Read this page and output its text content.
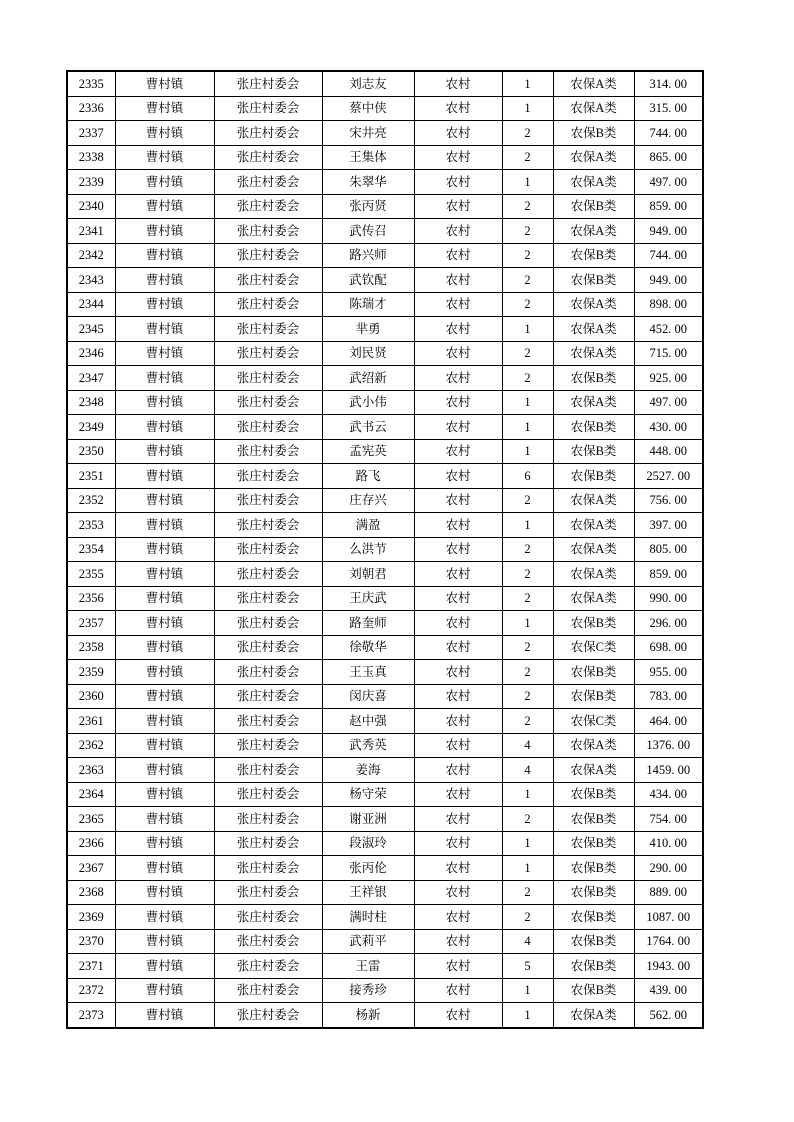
2335	曹村镇	张庄村委会	刘志友	农村	1	农保A类	314. 00
2336	曹村镇	张庄村委会	蔡中侠	农村	1	农保A类	315. 00
2337	曹村镇	张庄村委会	宋井亮	农村	2	农保B类	744. 00
2338	曹村镇	张庄村委会	王集体	农村	2	农保A类	865. 00
2339	曹村镇	张庄村委会	朱翠华	农村	1	农保A类	497. 00
2340	曹村镇	张庄村委会	张丙贤	农村	2	农保B类	859. 00
2341	曹村镇	张庄村委会	武传召	农村	2	农保A类	949. 00
2342	曹村镇	张庄村委会	路兴师	农村	2	农保B类	744. 00
2343	曹村镇	张庄村委会	武钦配	农村	2	农保B类	949. 00
2344	曹村镇	张庄村委会	陈瑞才	农村	2	农保A类	898. 00
2345	曹村镇	张庄村委会	芈勇	农村	1	农保A类	452. 00
2346	曹村镇	张庄村委会	刘民贤	农村	2	农保A类	715. 00
2347	曹村镇	张庄村委会	武绍新	农村	2	农保B类	925. 00
2348	曹村镇	张庄村委会	武小伟	农村	1	农保A类	497. 00
2349	曹村镇	张庄村委会	武书云	农村	1	农保B类	430. 00
2350	曹村镇	张庄村委会	孟宪英	农村	1	农保B类	448. 00
2351	曹村镇	张庄村委会	路飞	农村	6	农保B类	2527. 00
2352	曹村镇	张庄村委会	庄存兴	农村	2	农保A类	756. 00
2353	曹村镇	张庄村委会	满盈	农村	1	农保A类	397. 00
2354	曹村镇	张庄村委会	么洪节	农村	2	农保A类	805. 00
2355	曹村镇	张庄村委会	刘朝君	农村	2	农保A类	859. 00
2356	曹村镇	张庄村委会	王庆武	农村	2	农保A类	990. 00
2357	曹村镇	张庄村委会	路奎师	农村	1	农保B类	296. 00
2358	曹村镇	张庄村委会	徐敬华	农村	2	农保C类	698. 00
2359	曹村镇	张庄村委会	王玉真	农村	2	农保B类	955. 00
2360	曹村镇	张庄村委会	闵庆喜	农村	2	农保B类	783. 00
2361	曹村镇	张庄村委会	赵中强	农村	2	农保C类	464. 00
2362	曹村镇	张庄村委会	武秀英	农村	4	农保A类	1376. 00
2363	曹村镇	张庄村委会	姜海	农村	4	农保A类	1459. 00
2364	曹村镇	张庄村委会	杨守荣	农村	1	农保B类	434. 00
2365	曹村镇	张庄村委会	谢亚洲	农村	2	农保B类	754. 00
2366	曹村镇	张庄村委会	段淑玲	农村	1	农保B类	410. 00
2367	曹村镇	张庄村委会	张丙伦	农村	1	农保B类	290. 00
2368	曹村镇	张庄村委会	王祥银	农村	2	农保B类	889. 00
2369	曹村镇	张庄村委会	满时柱	农村	2	农保B类	1087. 00
2370	曹村镇	张庄村委会	武莉平	农村	4	农保B类	1764. 00
2371	曹村镇	张庄村委会	王雷	农村	5	农保B类	1943. 00
2372	曹村镇	张庄村委会	接秀珍	农村	1	农保B类	439. 00
2373	曹村镇	张庄村委会	杨新	农村	1	农保A类	562. 00
